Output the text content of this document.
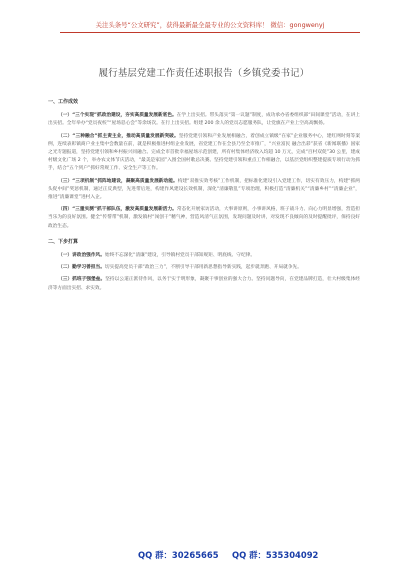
关注头条号“公文研究”，获得最新最全最专业的公文资料库！ 微信：gongwenyj
履行基层党建工作责任述职报告（乡镇党委书记）
一、工作成效

（一）“三个实现”抓政治建设，夯实高质量发展新底色。在学上出实招。带头落实“第一议题”制度，成功承办省委组织部“田间课堂”活动，在讲上出实招。全年举办“党员夜校”“屋场恳心会”等余场次。在行上出实招。组建 200 余人的党员志愿服务队，让党旗在产业上空高高飘扬。

（二）“三种融合”抓主责主业，推动高质量发展新突破。坚持党建引领和产业发展相融合，着创成立镇级“在家”企业服务中心，建红网时刻等案例，连续表彰镇商户业主集中会数量在前，就是积极推进村组企业发展，省党建工作在全县乃至全市推广，“兴业富民 融合出彩”获省《新闻联播》国家之光专题报道，坚持党建引领和乡村振兴同融合。完成全市首批幸福屋场示范创建，所有村集体经济收入均超 10 万元，完成“百村双促”30 公里，建成村级文化广场 2 个，举办农文体节庆活动，“最美是家园”入围全国村歌总决赛。坚持党建引领和重点工作相融合，以基层党组织整建提质专项行动为抓手，结合“五个到户”抓好常规工作、安全生产等工作。

（三）“三项机制”抓阵地建设，凝聚高质量发展新动能。构建“双推实效考核”工作机制，把标准化建设引入党建工作，切实有效压力，构建“抓两头促中间”奖惩机制，通过正反典型，先进带后进，构建作风建设长效机制，深化“清廉敬乱”专项治理，积极打造“清廉机关”“清廉乡村”“清廉企业”，推进“清廉课堂”进村入企。

（四）“三重实测”抓干部队伍，激发高质量发展新活力。常态化开展家访活动，大事讲原则，小事讲风格，班子战斗力、向心力明显增强，营造担当乐为的良好氛围。健全“传帮带”机制，激发镇村“闯创干”精气神，营造风清气正氛围，发现问题及时讲，对发现不良倾向的及时提醒批评，保持良好政治生态。

二、下步打算

（一）讲政治强作风。始终不忘深化“清廉”建设，引导镇村党员干部知规矩、明底线、守纪律。

（二）勤学习善担当。切实提高党员干部“政治三力”，不断引导干部用新思想指导新实践，起步就奔跑、开局就争先。

（三）抓班子强堡垒。坚持以公道正派待作风，以务于实于明形象，凝聚干事创业的强大合力。坚持问题导向，在党建品牌打造，壮大村级集体经济等方面出实招、求实效。

QQ 群：30265665 QQ 群：535304092
